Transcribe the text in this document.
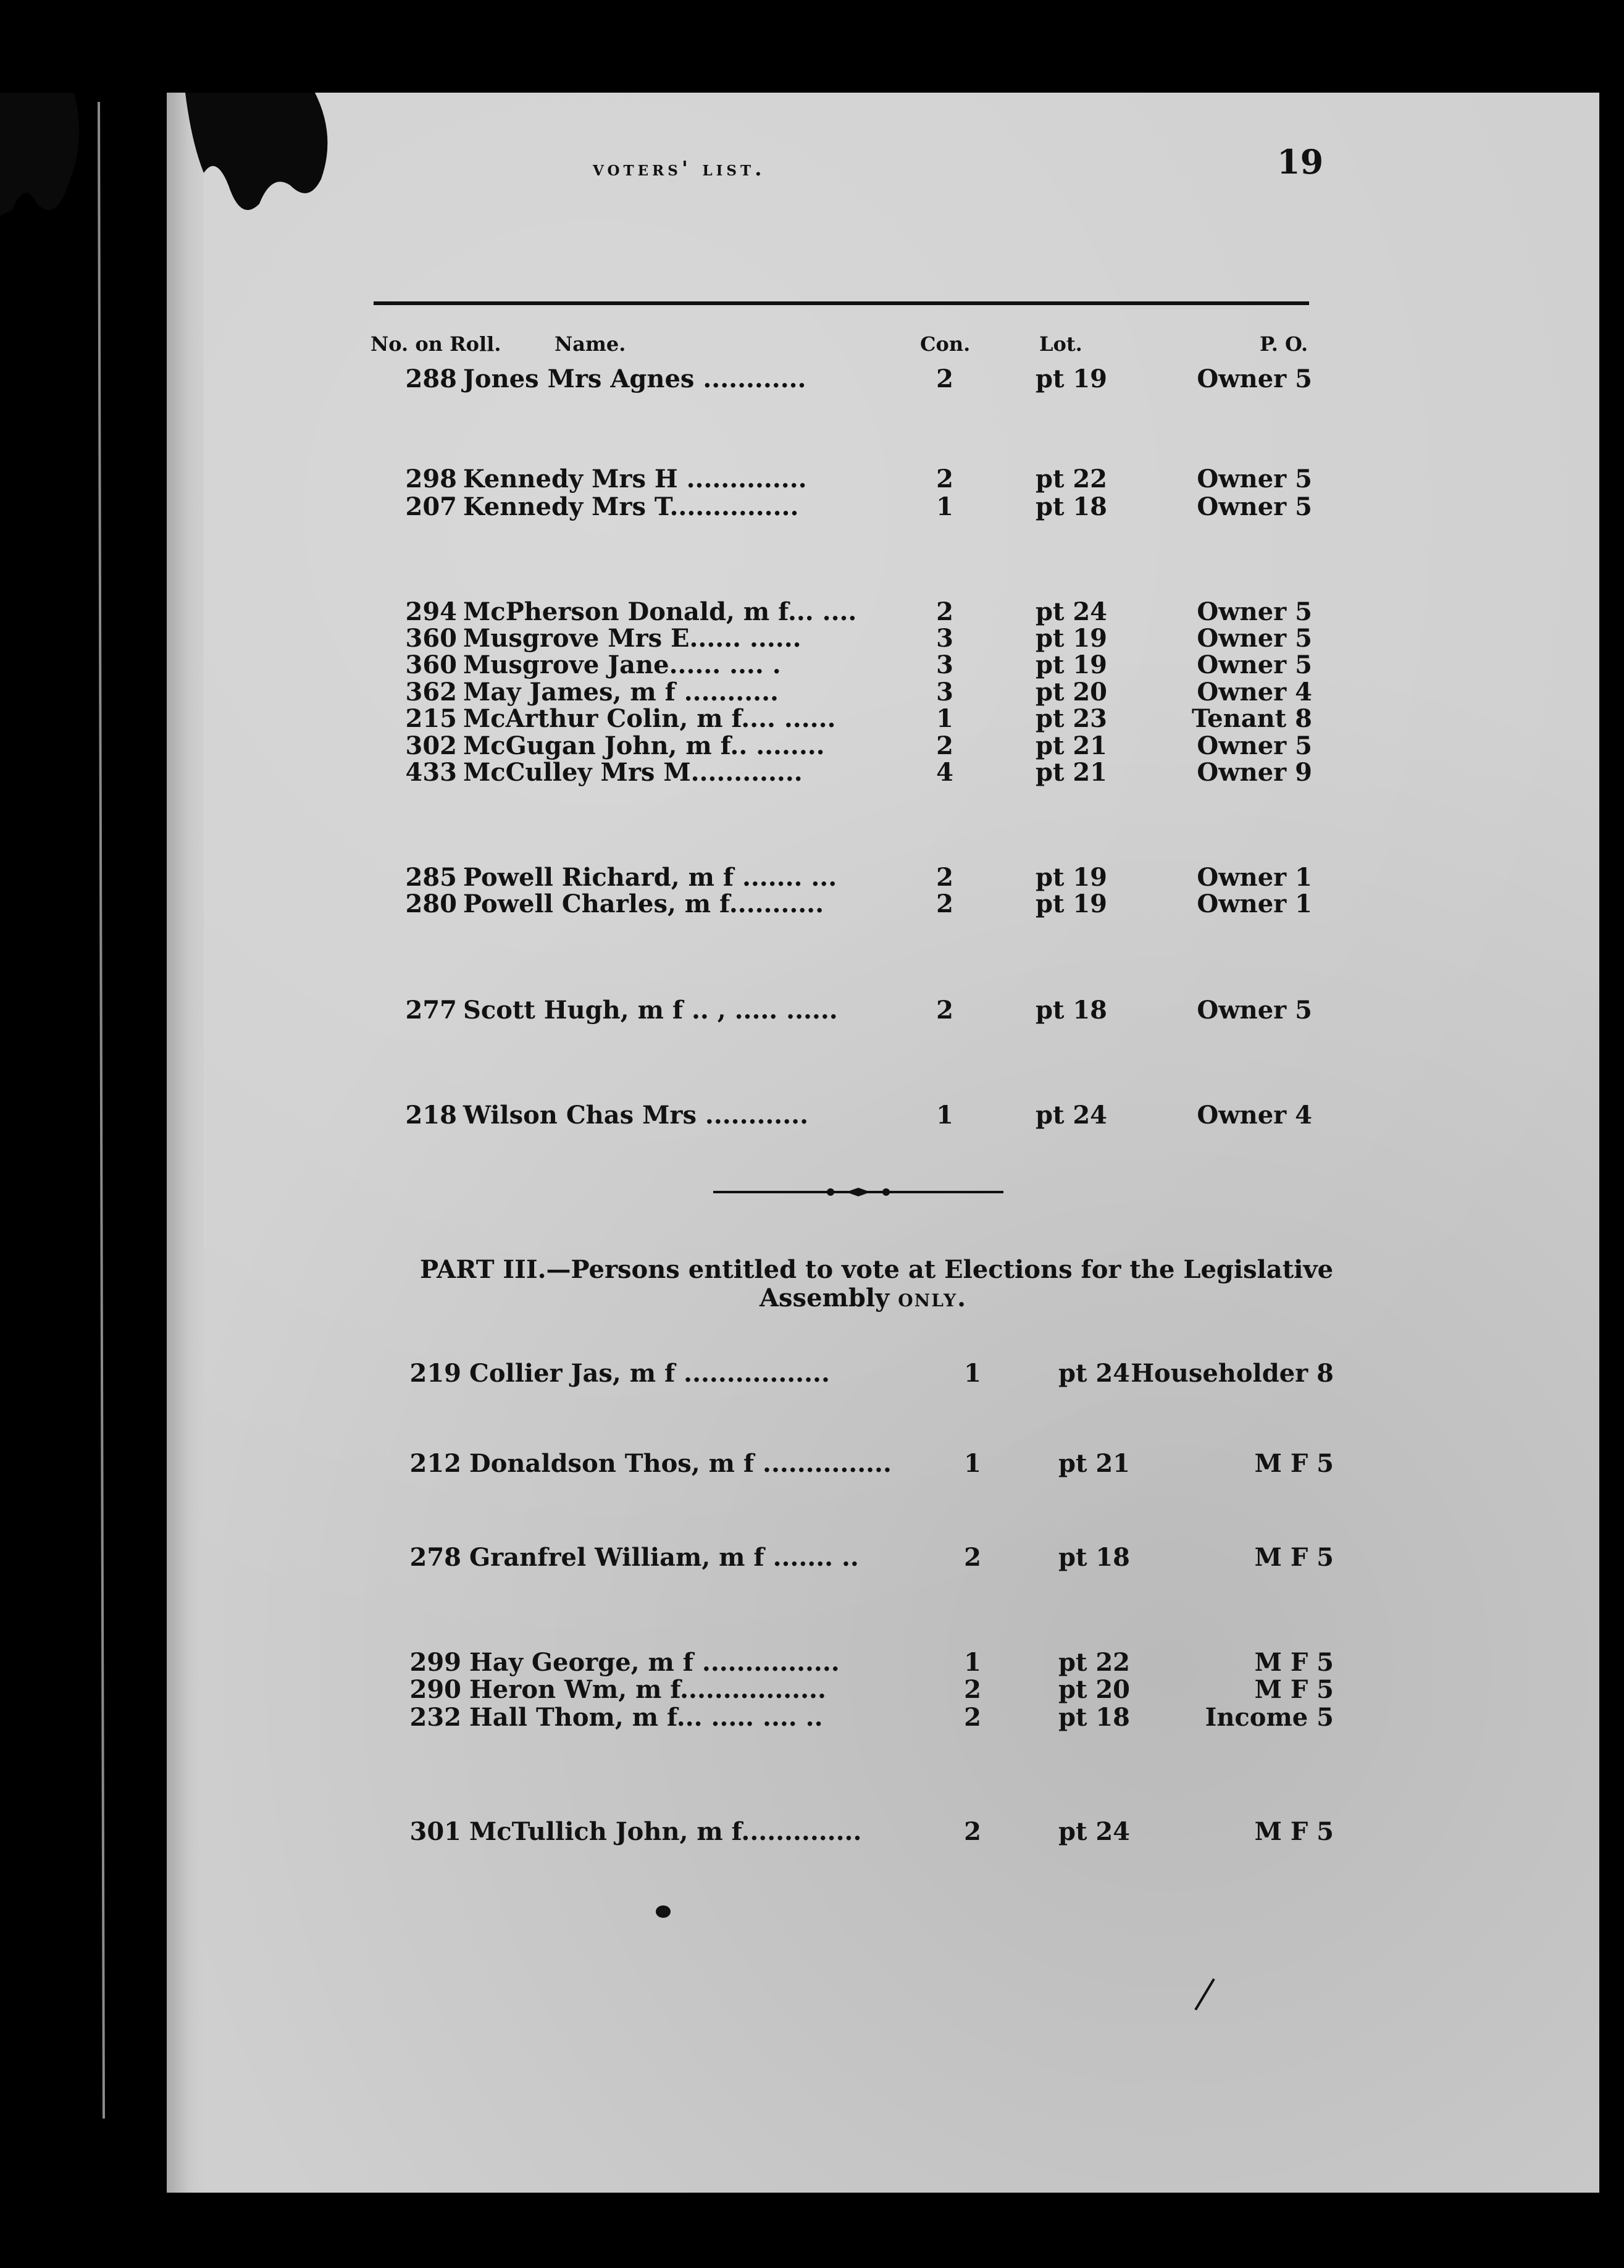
voters' list.	19
No. on Roll.	Name.	Con.	Lot.	P. O.
288 Jones Mrs Agnes ............	2	pt 19	Owner 5
298 Kennedy Mrs H ..............	2	pt 22	Owner 5
207 Kennedy Mrs T...............	1	pt 18	Owner 5
294 McPherson Donald, m f... ....	2	pt 24	Owner 5
360 Musgrove Mrs E...... ......	3	pt 19	Owner 5
360 Musgrove Jane...... .... .	3	pt 19	Owner 5
362 May James, m f ...........	3	pt 20	Owner 4
215 McArthur Colin, m f.... ......	1	pt 23	Tenant 8
302 McGugan John, m f.. ........	2	pt 21	Owner 5
433 McCulley Mrs M.............	4	pt 21	Owner 9
285 Powell Richard, m f ....... ...	2	pt 19	Owner 1
280 Powell Charles, m f...........	2	pt 19	Owner 1
277 Scott Hugh, m f .. , ..... ......	2	pt 18	Owner 5
218 Wilson Chas Mrs ............	1	pt 24	Owner 4
PART III.—Persons entitled to vote at Elections for the Legislative
Assembly only.
219 Collier Jas, m f .................	1	pt 24 Householder 8
212 Donaldson Thos, m f ...............	1	pt 21	M F 5
278 Granfrel William, m f ....... ..	2	pt 18	M F 5
299 Hay George, m f ................	1	pt 22	M F 5
290 Heron Wm, m f.................	2	pt 20	M F 5
232 Hall Thom, m f... ..... .... ..	2	pt 18	Income 5
301 McTullich John, m f..............	2	pt 24	M F 5
